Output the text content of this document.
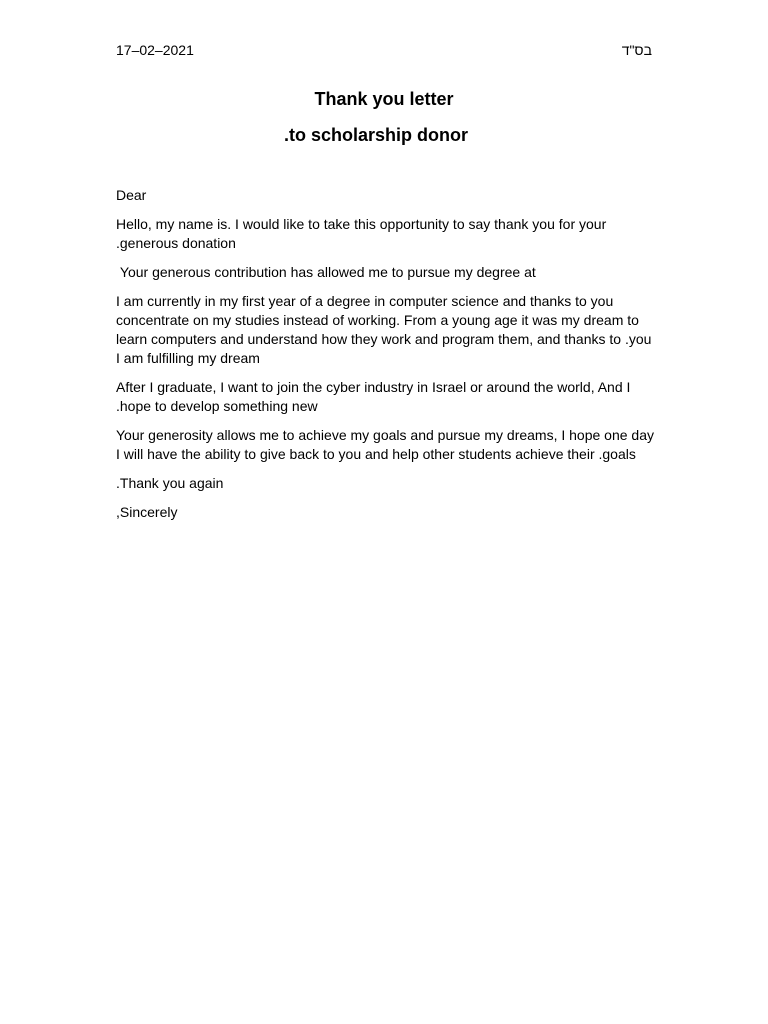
17–02–2021	בס"ד
Thank you letter
.to scholarship donor

Dear

Hello, my name is. I would like to take this opportunity to say thank you for your .generous donation

Your generous contribution has allowed me to pursue my degree at

I am currently in my first year of a degree in computer science and thanks to you concentrate on my studies instead of working. From a young age it was my dream to learn computers and understand how they work and program them, and thanks to .you I am fulfilling my dream

After I graduate, I want to join the cyber industry in Israel or around the world, And I .hope to develop something new

Your generosity allows me to achieve my goals and pursue my dreams, I hope one day I will have the ability to give back to you and help other students achieve their .goals

.Thank you again

,Sincerely
